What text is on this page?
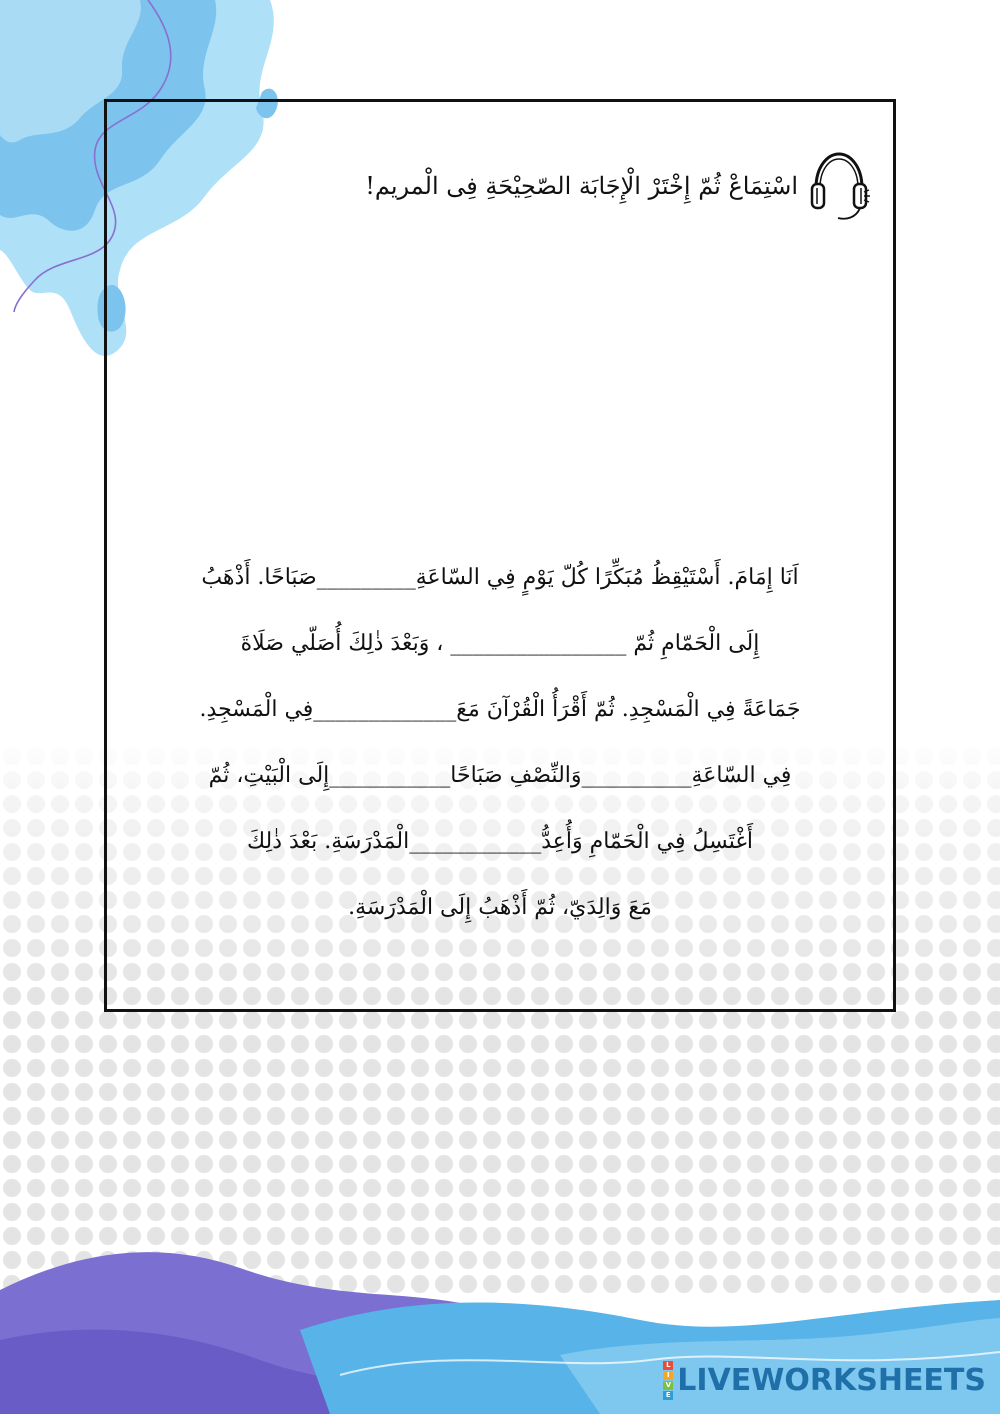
اسْتِمَاعْ ثُمّ إِخْتَرْ الْإِجَابَة الصّحِيْحَةِ فِى الْمريم!
اَنَا إِمَامَ. أَسْتَيْقِظُ مُبَكِّرًا كُلّ يَوْمٍ فِي السّاعَةِ_________صَبَاحًا. أَذْهَبُ
إِلَى الْحَمّامِ ثُمّ ________________ ، وَبَعْدَ ذٰلِكَ أُصَلّي صَلَاةَ
جَمَاعَةً فِي الْمَسْجِدِ. ثُمّ أَقْرَأُ الْقُرْآنَ مَعَ_____________فِي الْمَسْجِدِ.
فِي السّاعَةِ__________وَالنِّصْفِ صَبَاحًا___________إِلَى الْبَيْتِ، ثُمّ
أَغْتَسِلُ فِي الْحَمّامِ وَأُعِدُّ____________الْمَدْرَسَةِ. بَعْدَ ذٰلِكَ
مَعَ وَالِدَيّ، ثُمّ أَذْهَبُ إِلَى الْمَدْرَسَةِ.
L
I
V
E LIVEWORKSHEETS
